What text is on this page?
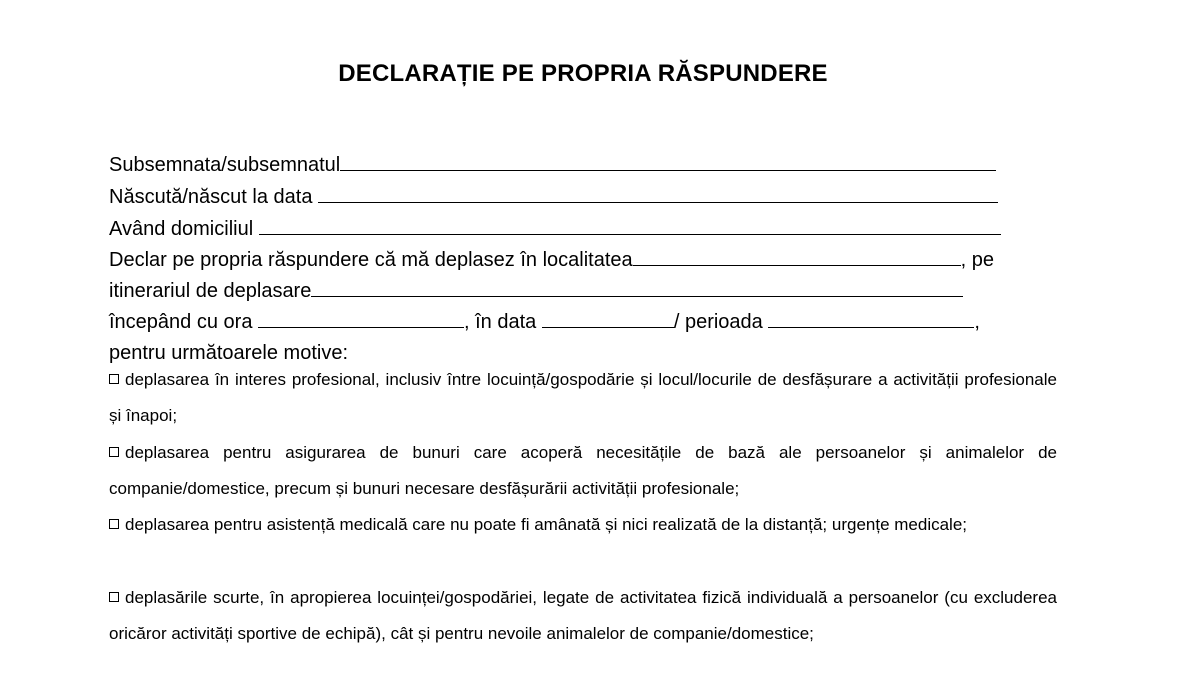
DECLARAȚIE PE PROPRIA RĂSPUNDERE
Subsemnata/subsemnatul
Născută/născut la data
Având domiciliul
Declar pe propria răspundere că mă deplasez în localitatea	, pe
itinerariul de deplasare
începând cu ora	, în data	/ perioada	,
pentru următoarele motive:
deplasarea în interes profesional, inclusiv între locuință/gospodărie și locul/locurile de desfășurare a activității profesionale și înapoi;
deplasarea pentru asigurarea de bunuri care acoperă necesitățile de bază ale persoanelor și animalelor de companie/domestice, precum și bunuri necesare desfășurării activității profesionale;
deplasarea pentru asistență medicală care nu poate fi amânată și nici realizată de la distanță; urgențe medicale;
deplasările scurte, în apropierea locuinței/gospodăriei, legate de activitatea fizică individuală a persoanelor (cu excluderea oricăror activități sportive de echipă), cât și pentru nevoile animalelor de companie/domestice;
